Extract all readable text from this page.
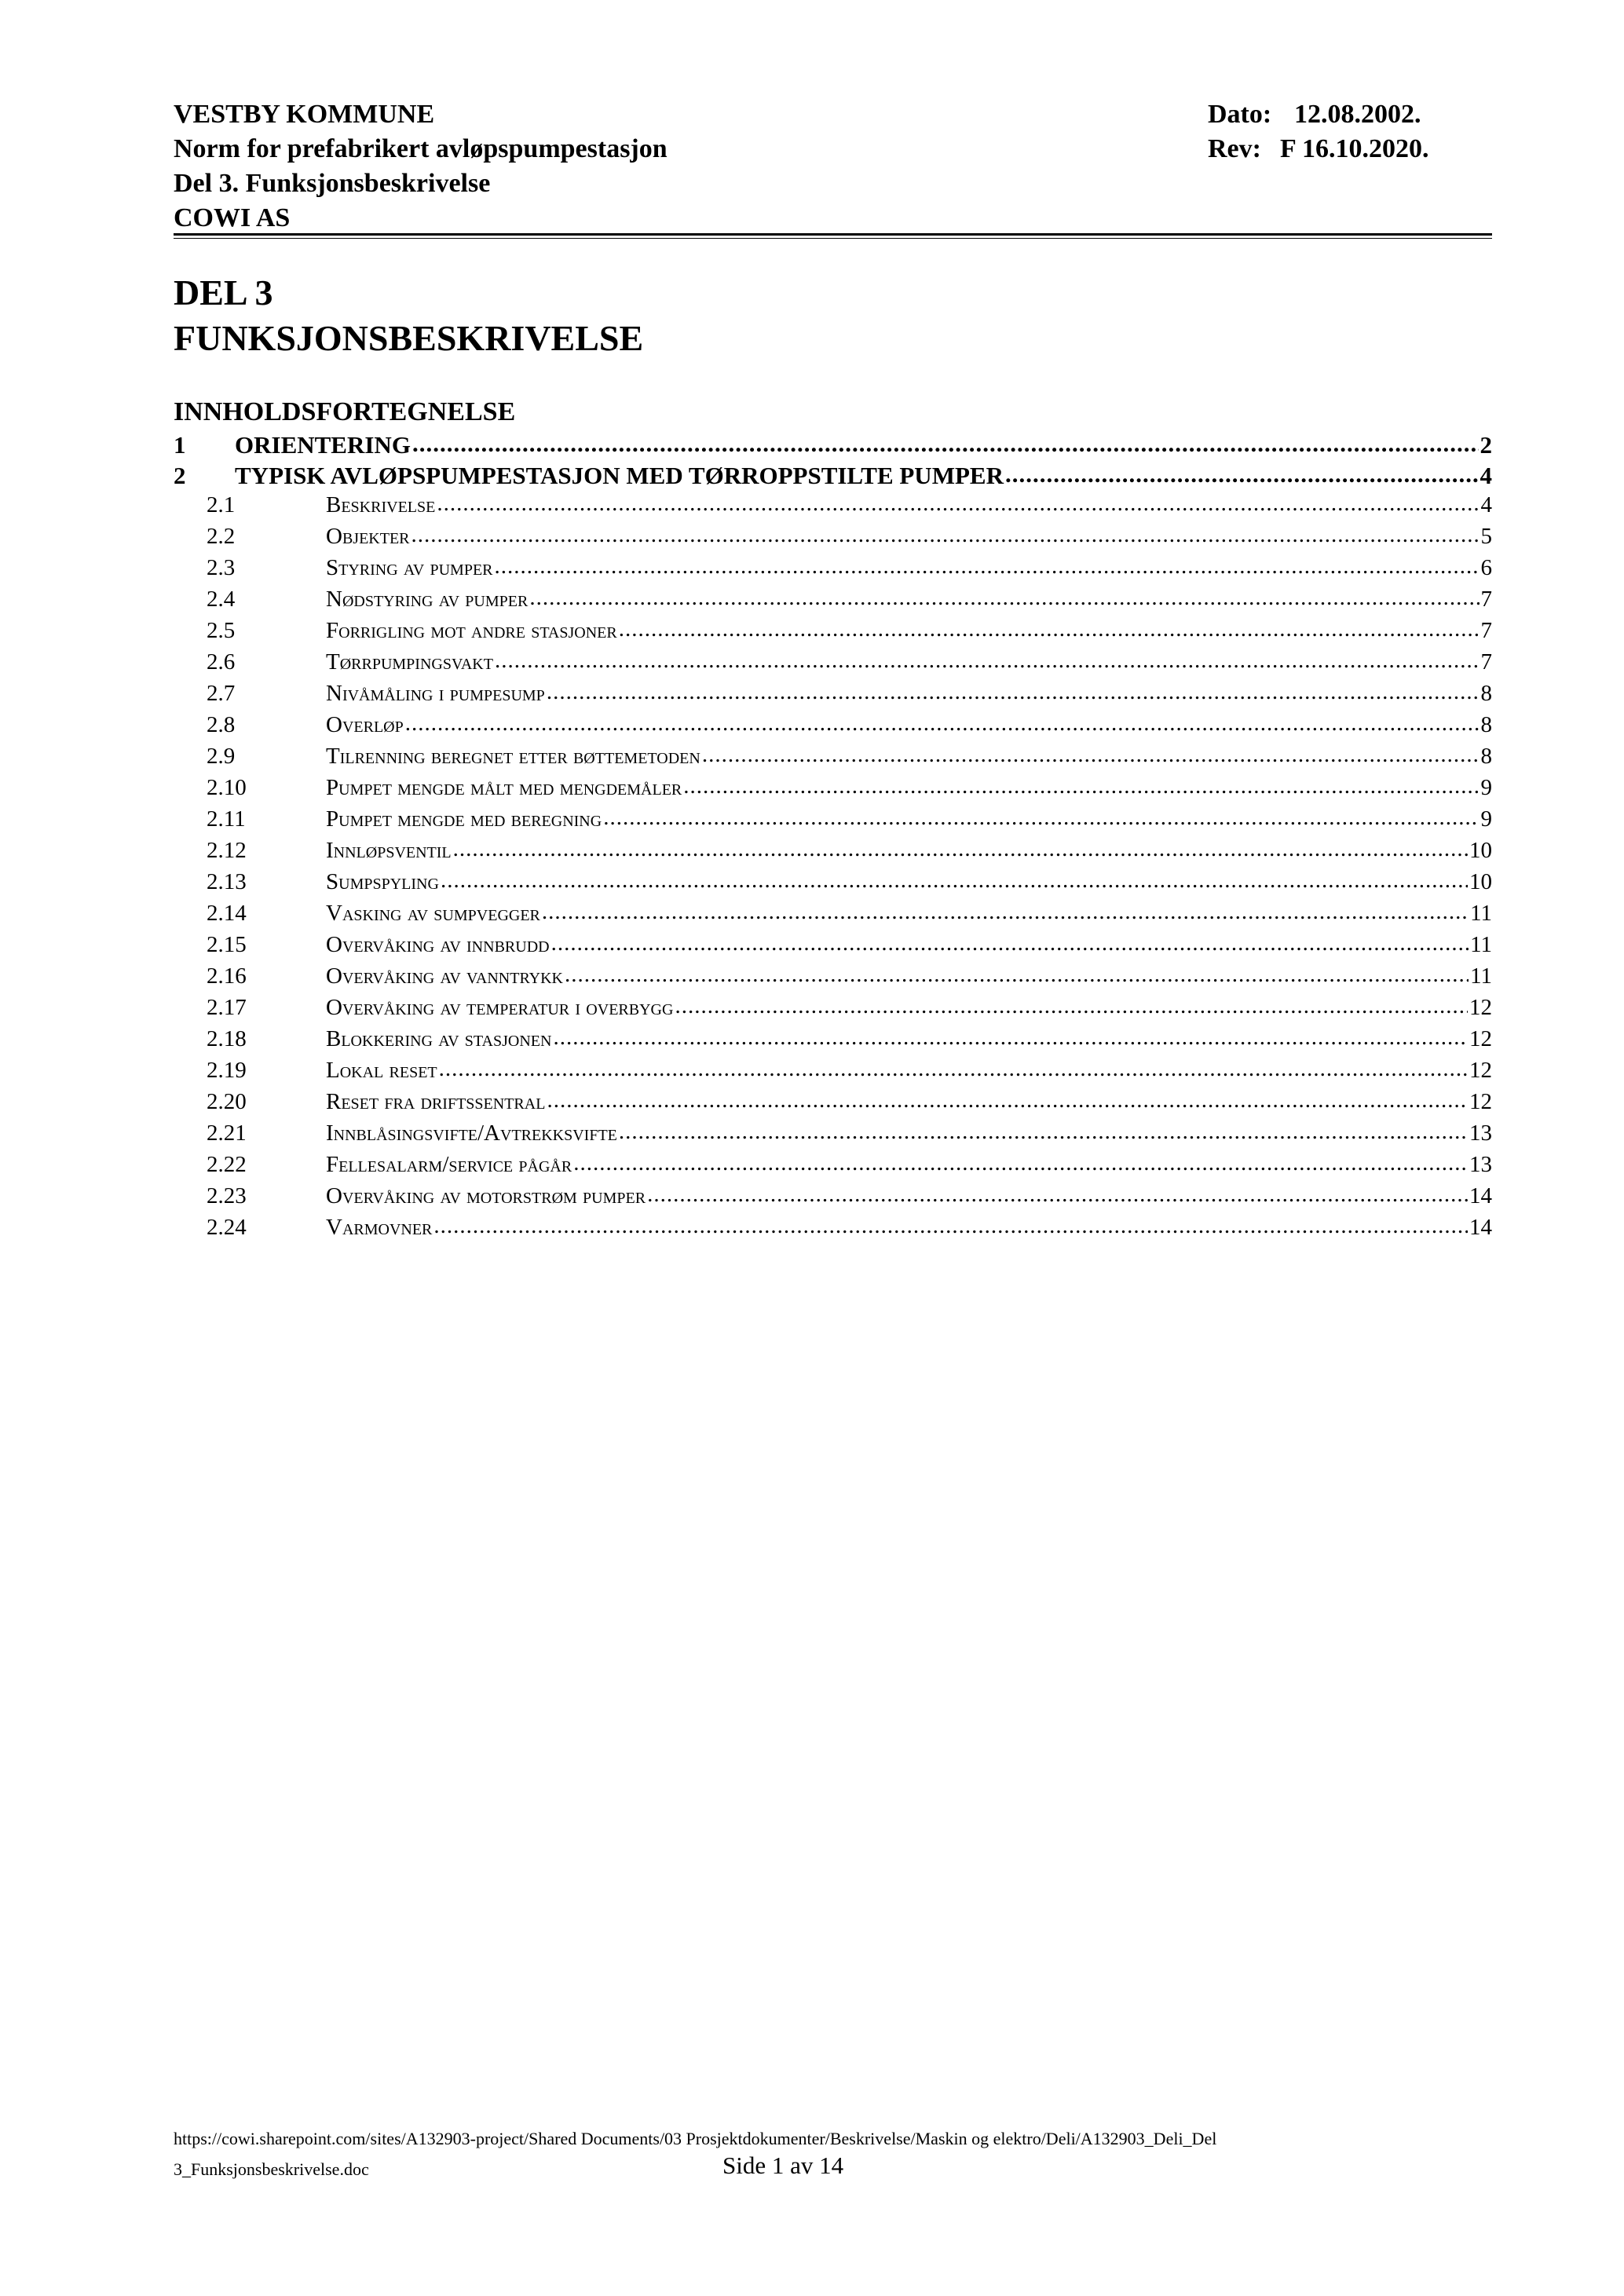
VESTBY KOMMUNE
Norm for prefabrikert avløpspumpestasjon
Del 3. Funksjonsbeskrivelse
COWI AS
Dato: 12.08.2002.
Rev: F 16.10.2020.
DEL 3
FUNKSJONSBESKRIVELSE
INNHOLDSFORTEGNELSE
1	ORIENTERING .....	2
2	TYPISK AVLØPSPUMPESTASJON MED TØRROPPSTILTE PUMPER .....	4
2.1	Beskrivelse .....	4
2.2	Objekter .....	5
2.3	Styring av pumper .....	6
2.4	Nødstyring av pumper .....	7
2.5	Forrigling mot andre stasjoner .....	7
2.6	Tørrpumpingsvakt .....	7
2.7	Nivåmåling i pumpesump .....	8
2.8	Overløp .....	8
2.9	Tilrenning beregnet etter bøttemetoden .....	8
2.10	Pumpet mengde målt med mengdemåler .....	9
2.11	Pumpet mengde med beregning .....	9
2.12	Innløpsventil .....	10
2.13	Sumpspyling .....	10
2.14	Vasking av sumpvegger .....	11
2.15	Overvåking av innbrudd .....	11
2.16	Overvåking av vanntrykk .....	11
2.17	Overvåking av temperatur i overbygg .....	12
2.18	Blokkering av stasjonen .....	12
2.19	Lokal reset .....	12
2.20	Reset fra driftssentral .....	12
2.21	Innblåsingsvifte/Avtrekksvifte .....	13
2.22	Fellesalarm/service pågår .....	13
2.23	Overvåking av motorstrøm pumper .....	14
2.24	Varmovner .....	14
https://cowi.sharepoint.com/sites/A132903-project/Shared Documents/03 Prosjektdokumenter/Beskrivelse/Maskin og elektro/Deli/A132903_Deli_Del
3_Funksjonsbeskrivelse.doc	Side 1 av 14
